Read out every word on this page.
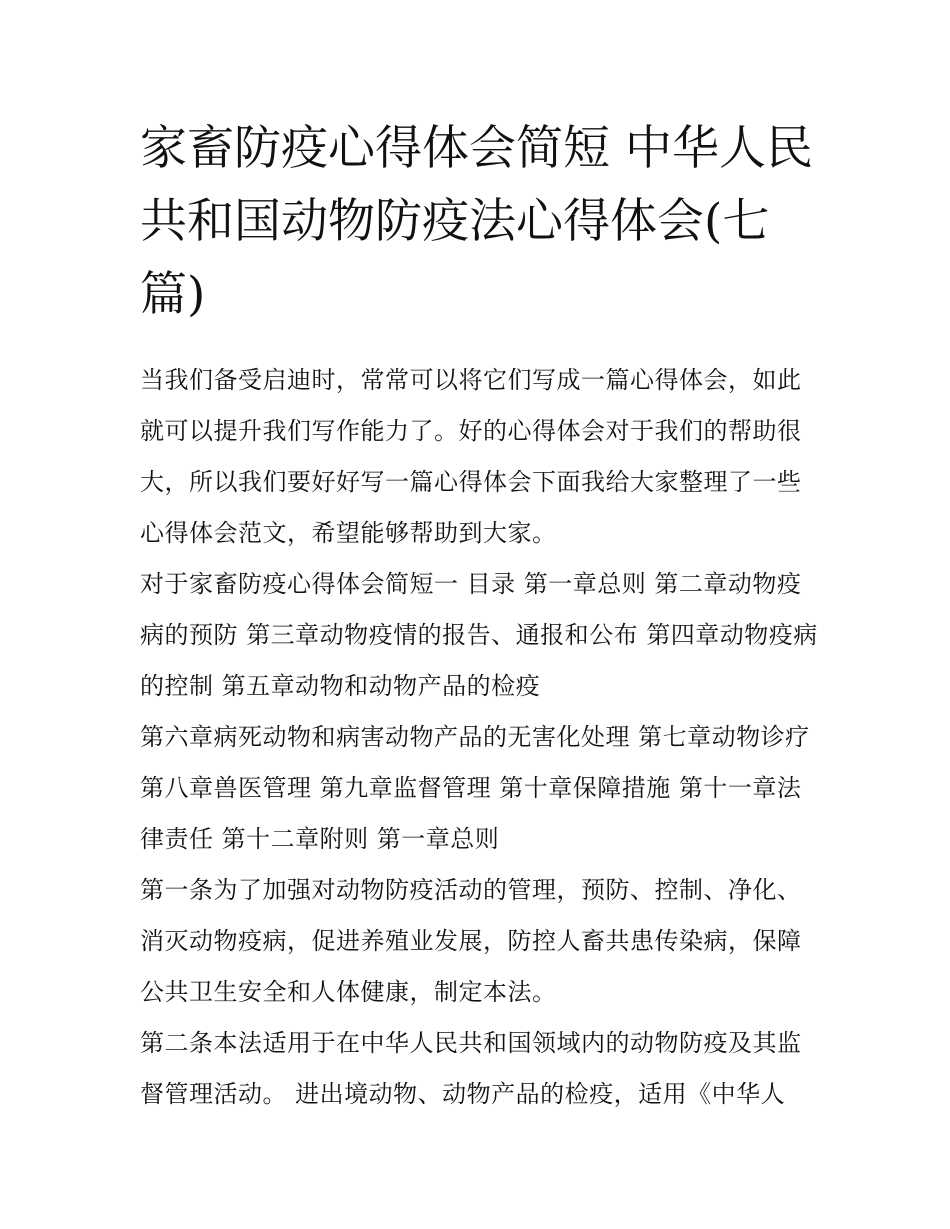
家畜防疫心得体会简短 中华人民共和国动物防疫法心得体会(七篇)

当我们备受启迪时，常常可以将它们写成一篇心得体会，如此就可以提升我们写作能力了。好的心得体会对于我们的帮助很大，所以我们要好好写一篇心得体会下面我给大家整理了一些心得体会范文，希望能够帮助到大家。

对于家畜防疫心得体会简短一 目录 第一章总则 第二章动物疫病的预防 第三章动物疫情的报告、通报和公布 第四章动物疫病的控制 第五章动物和动物产品的检疫

第六章病死动物和病害动物产品的无害化处理 第七章动物诊疗 第八章兽医管理 第九章监督管理 第十章保障措施 第十一章法律责任 第十二章附则 第一章总则

第一条为了加强对动物防疫活动的管理，预防、控制、净化、消灭动物疫病，促进养殖业发展，防控人畜共患传染病，保障公共卫生安全和人体健康，制定本法。

第二条本法适用于在中华人民共和国领域内的动物防疫及其监督管理活动。 进出境动物、动物产品的检疫，适用《中华人
